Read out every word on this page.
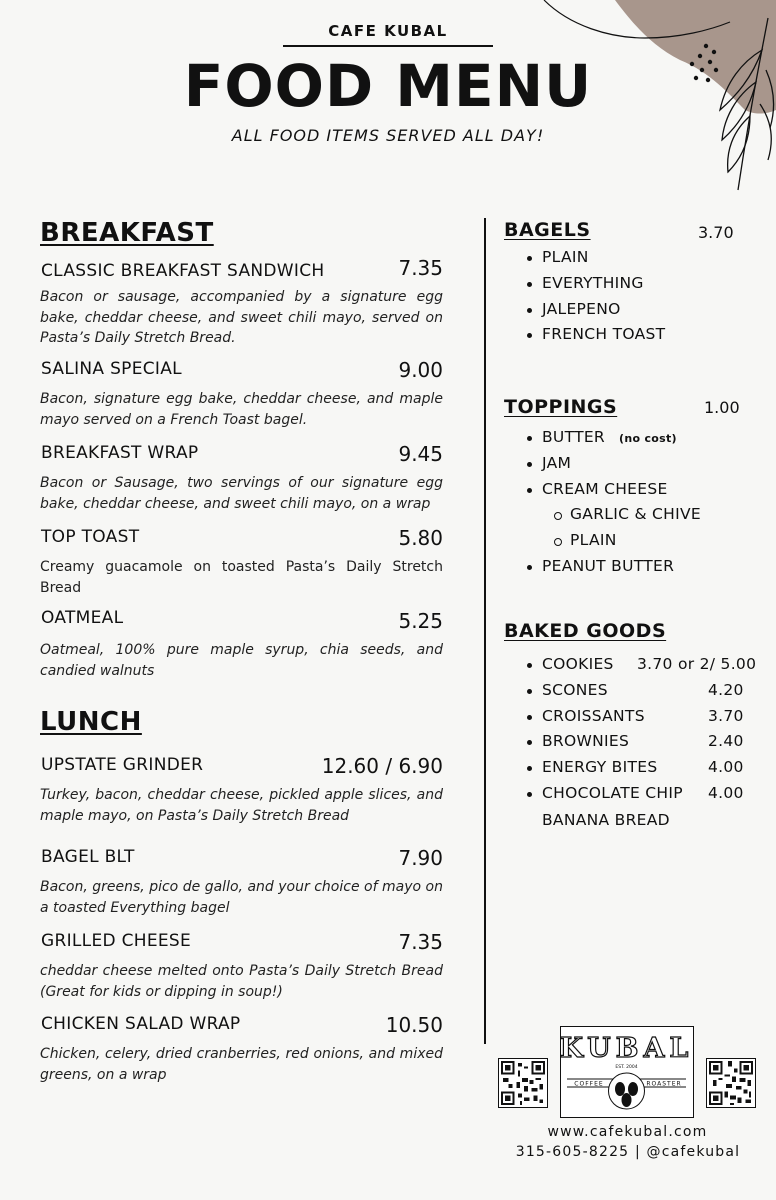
CAFE KUBAL
FOOD MENU
ALL FOOD ITEMS SERVED ALL DAY!
BREAKFAST
CLASSIC BREAKFAST SANDWICH	7.35
Bacon or sausage, accompanied by a signature egg bake, cheddar cheese, and sweet chili mayo, served on Pasta’s Daily Stretch Bread.
SALINA SPECIAL	9.00
Bacon, signature egg bake, cheddar cheese, and maple mayo served on a French Toast bagel.
BREAKFAST WRAP	9.45
Bacon or Sausage, two servings of our signature egg bake, cheddar cheese, and sweet chili mayo, on a wrap
TOP TOAST	5.80
Creamy guacamole on toasted Pasta’s Daily Stretch Bread
OATMEAL	5.25
Oatmeal, 100% pure maple syrup, chia seeds, and candied walnuts
LUNCH
UPSTATE GRINDER	12.60 / 6.90
Turkey, bacon, cheddar cheese, pickled apple slices, and maple mayo, on Pasta’s Daily Stretch Bread
BAGEL BLT	7.90
Bacon, greens, pico de gallo, and your choice of mayo on a toasted Everything bagel
GRILLED CHEESE	7.35
cheddar cheese melted onto Pasta’s Daily Stretch Bread (Great for kids or dipping in soup!)
CHICKEN SALAD WRAP	10.50
Chicken, celery, dried cranberries, red onions, and mixed greens, on a wrap
BAGELS	3.70
PLAIN
EVERYTHING
JALEPENO
FRENCH TOAST
TOPPINGS	1.00
BUTTER (no cost)
JAM
CREAM CHEESE
GARLIC & CHIVE
PLAIN
PEANUT BUTTER
BAKED GOODS
COOKIES 3.70 or 2/ 5.00
SCONES	4.20
CROISSANTS	3.70
BROWNIES	2.40
ENERGY BITES	4.00
CHOCOLATE CHIP 4.00
BANANA BREAD
KUBAL
EST. 2004
COFFEE	ROASTER
www.cafekubal.com
315-605-8225 | @cafekubal
